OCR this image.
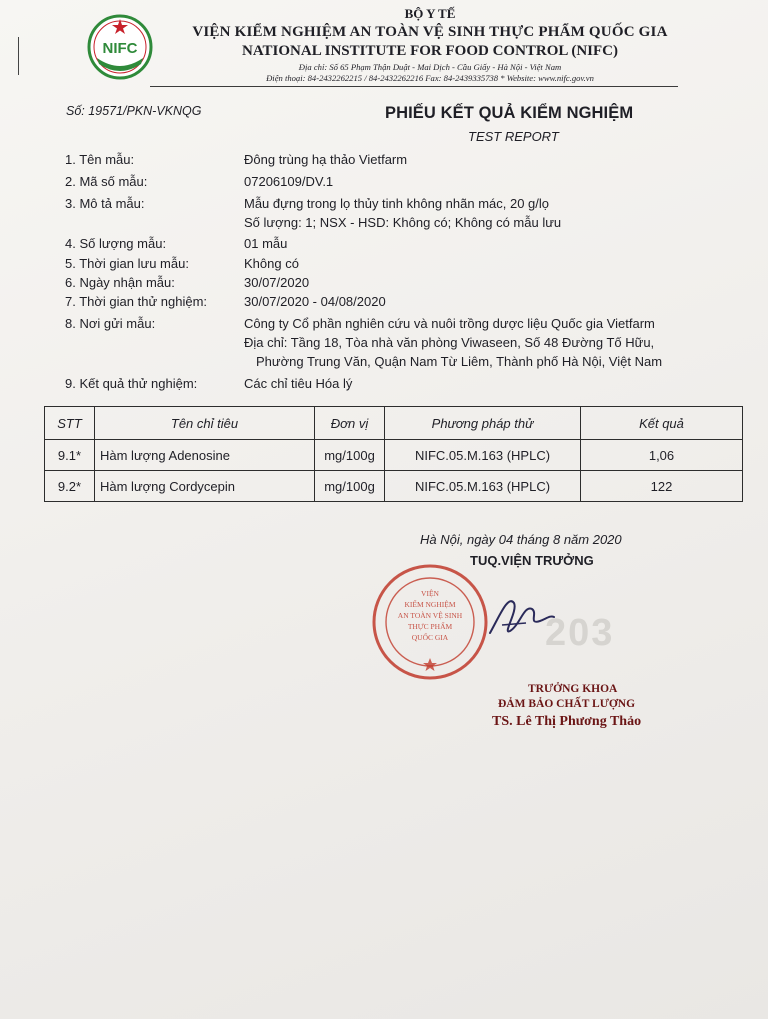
NIFC
BỘ Y TẾ
VIỆN KIỂM NGHIỆM AN TOÀN VỆ SINH THỰC PHẨM QUỐC GIA
NATIONAL INSTITUTE FOR FOOD CONTROL (NIFC)
Địa chỉ: Số 65 Phạm Thận Duật - Mai Dịch - Cầu Giấy - Hà Nội - Việt Nam
Điện thoại: 84-2432262215 / 84-2432262216 Fax: 84-2439335738 * Website: www.nifc.gov.vn
Số: 19571/PKN-VKNQG	PHIẾU KẾT QUẢ KIỂM NGHIỆM
TEST REPORT
1. Tên mẫu:	Đông trùng hạ thảo Vietfarm
2. Mã số mẫu:	07206109/DV.1
3. Mô tả mẫu:	Mẫu đựng trong lọ thủy tinh không nhãn mác, 20 g/lọ
Số lượng: 1; NSX - HSD: Không có; Không có mẫu lưu
4. Số lượng mẫu:	01 mẫu
5. Thời gian lưu mẫu:	Không có
6. Ngày nhận mẫu:	30/07/2020
7. Thời gian thử nghiệm:	30/07/2020 - 04/08/2020
8. Nơi gửi mẫu:	Công ty Cổ phần nghiên cứu và nuôi trồng dược liệu Quốc gia Vietfarm
Địa chỉ: Tầng 18, Tòa nhà văn phòng Viwaseen, Số 48 Đường Tố Hữu,
Phường Trung Văn, Quận Nam Từ Liêm, Thành phố Hà Nội, Việt Nam
9. Kết quả thử nghiệm:	Các chỉ tiêu Hóa lý
STT	Tên chỉ tiêu	Đơn vị	Phương pháp thử	Kết quả
9.1*	Hàm lượng Adenosine	mg/100g	NIFC.05.M.163 (HPLC)	1,06
9.2*	Hàm lượng Cordycepin	mg/100g	NIFC.05.M.163 (HPLC)	122
203
Hà Nội, ngày 04 tháng 8 năm 2020
TUQ.VIỆN TRƯỞNG
VIỆN
KIỂM NGHIỆM
AN TOÀN VỆ SINH
THỰC PHẨM
QUỐC GIA
TRƯỞNG KHOA
ĐẢM BẢO CHẤT LƯỢNG
TS. Lê Thị Phương Thảo
